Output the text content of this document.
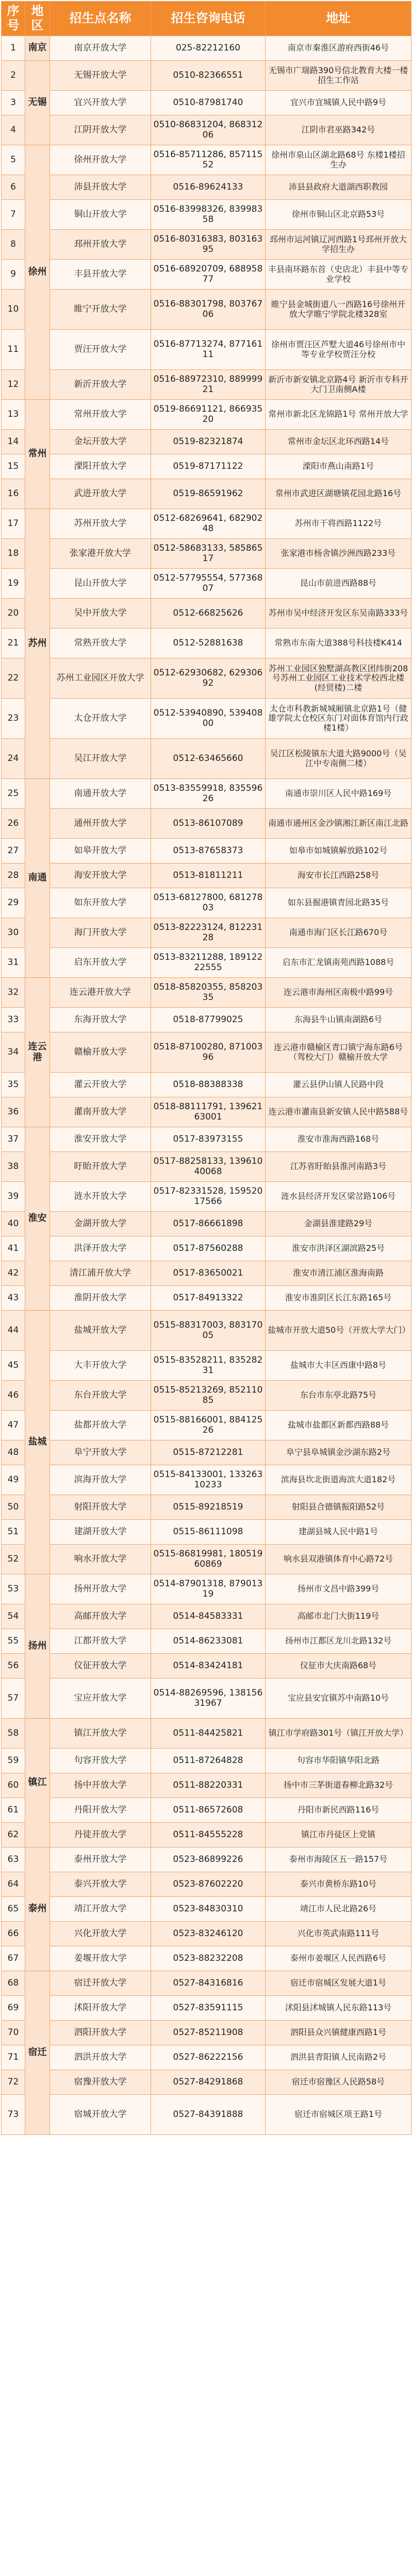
序号	地区	招生点名称	招生咨询电话	地址
1	南京	南京开放大学	025-82212160	南京市秦淮区游府西街46号
2	无锡	无锡开放大学	0510-82366551	无锡市广瑞路390号信北教育大楼一楼招生工作站
3		宜兴开放大学	0510-87981740	宜兴市宜城镇人民中路9号
4		江阴开放大学	0510-86831204, 86831206	江阴市君巫路342号
5	徐州	徐州开放大学	0516-85711286, 85711552	徐州市泉山区湖北路68号 东楼1楼招生办
6		沛县开放大学	0516-89624133	沛县县政府大道湖西职教园
7		铜山开放大学	0516-83998326, 83998358	徐州市铜山区北京路53号
8		邳州开放大学	0516-80316383, 80316395	邳州市运河镇辽河西路1号邳州开放大学招生办
9		丰县开放大学	0516-68920709, 68895877	丰县南环路东首（史店北）丰县中等专业学校
10		睢宁开放大学	0516-88301798, 80376706	睢宁县金城街道八一西路16号徐州开放大学睢宁学院北楼328室
11		贾汪开放大学	0516-87713274, 87716111	徐州市贾汪区芦墅大道46号徐州市中等专业学校贾汪分校
12		新沂开放大学	0516-88972310, 88999921	新沂市新安镇北京路4号 新沂市专科开大门卫南侧A楼
13	常州	常州开放大学	0519-86691121, 86693520	常州市新北区龙锦路1号 常州开放大学
14		金坛开放大学	0519-82321874	常州市金坛区北环西路14号
15		溧阳开放大学	0519-87171122	溧阳市燕山南路1号
16		武进开放大学	0519-86591962	常州市武进区湖塘镇花园北路16号
17	苏州	苏州开放大学	0512-68269641, 68290248	苏州市干将西路1122号
18		张家港开放大学	0512-58683133, 58586517	张家港市杨舍镇沙洲西路233号
19		昆山开放大学	0512-57795554, 57736807	昆山市前进西路88号
20		吴中开放大学	0512-66825626	苏州市吴中经济开发区东吴南路333号
21		常熟开放大学	0512-52881638	常熟市东南大道388号科技楼K414
22		苏州工业园区开放大学	0512-62930682, 62930692	苏州工业园区独墅湖高教区团纬街208号苏州工业园区工业技术学校西北楼(经贸楼)二楼
23		太仓开放大学	0512-53940890, 53940800	太仓市科教新城城厢镇北京路1号（健雄学院太仓校区东门对面体育馆内行政楼1楼）
24		吴江开放大学	0512-63465660	吴江区松陵镇东大道大路9000号（吴江中专南侧二楼）
25	南通	南通开放大学	0513-83559918, 83559626	南通市崇川区人民中路169号
26		通州开放大学	0513-86107089	南通市通州区金沙镇湘江新区南江北路
27		如皋开放大学	0513-87658373	如皋市如城镇解放路102号
28		海安开放大学	0513-81811211	海安市长江西路258号
29		如东开放大学	0513-68127800, 68127803	如东县掘港镇青园北路35号
30		海门开放大学	0513-82223124, 81223128	南通市海门区长江路670号
31		启东开放大学	0513-83211288, 18912222555	启东市汇龙镇南苑西路1088号
32	连云港	连云港开放大学	0518-85820355, 85820335	连云港市海州区南极中路99号
33		东海开放大学	0518-87799025	东海县牛山镇南湖路6号
34		赣榆开放大学	0518-87100280, 87100396	连云港市赣榆区青口镇宁海东路6号（驾校大门）赣榆开放大学
35		灌云开放大学	0518-88388338	灌云县伊山镇人民路中段
36		灌南开放大学	0518-88111791, 13962163001	连云港市灌南县新安镇人民中路588号
37	淮安	淮安开放大学	0517-83973155	淮安市淮海西路168号
38		盱眙开放大学	0517-88258133, 13961040068	江苏省盱眙县淮河南路3号
39		涟水开放大学	0517-82331528, 15952017566	涟水县经济开发区梁岔路106号
40		金湖开放大学	0517-86661898	金湖县淮建路29号
41		洪泽开放大学	0517-87560288	淮安市洪泽区湖滨路25号
42		清江浦开放大学	0517-83650021	淮安市清江浦区淮海南路
43		淮阴开放大学	0517-84913322	淮安市淮阴区长江东路165号
44	盐城	盐城开放大学	0515-88317003, 88317005	盐城市开放大道50号（开放大学大门）
45		大丰开放大学	0515-83528211, 83528231	盐城市大丰区西康中路8号
46		东台开放大学	0515-85213269, 85211085	东台市东亭北路75号
47		盐都开放大学	0515-88166001, 88412526	盐城市盐都区新都西路88号
48		阜宁开放大学	0515-87212281	阜宁县阜城镇金沙湖东路2号
49		滨海开放大学	0515-84133001, 13326310233	滨海县坎北街道海滨大道182号
50		射阳开放大学	0515-89218519	射阳县合德镇振阳路52号
51		建湖开放大学	0515-86111098	建湖县城人民中路1号
52		响水开放大学	0515-86819981, 18051960869	响水县双港镇体育中心路72号
53	扬州	扬州开放大学	0514-87901318, 87901319	扬州市文昌中路399号
54		高邮开放大学	0514-84583331	高邮市北门大街119号
55		江都开放大学	0514-86233081	扬州市江都区龙川北路132号
56		仪征开放大学	0514-83424181	仪征市大庆南路68号
57		宝应开放大学	0514-88269596, 13815631967	宝应县安宜镇苏中南路10号
58	镇江	镇江开放大学	0511-84425821	镇江市学府路301号（镇江开放大学）
59		句容开放大学	0511-87264828	句容市华阳镇华阳北路
60		扬中开放大学	0511-88220331	扬中市三茅街道春柳北路32号
61		丹阳开放大学	0511-86572608	丹阳市新民西路116号
62		丹徒开放大学	0511-84555228	镇江市丹徒区上党镇
63	泰州	泰州开放大学	0523-86899226	泰州市海陵区五一路157号
64		泰兴开放大学	0523-87602220	泰兴市黄桥东路10号
65		靖江开放大学	0523-84830310	靖江市人民北路26号
66		兴化开放大学	0523-83246120	兴化市英武南路111号
67		姜堰开放大学	0523-88232208	泰州市姜堰区人民西路6号
68	宿迁	宿迁开放大学	0527-84316816	宿迁市宿城区发展大道1号
69		沭阳开放大学	0527-83591115	沭阳县沭城镇人民东路113号
70		泗阳开放大学	0527-85211908	泗阳县众兴镇健康西路1号
71		泗洪开放大学	0527-86222156	泗洪县青阳镇人民南路2号
72		宿豫开放大学	0527-84291868	宿迁市宿豫区人民路58号
73		宿城开放大学	0527-84391888	宿迁市宿城区项王路1号
